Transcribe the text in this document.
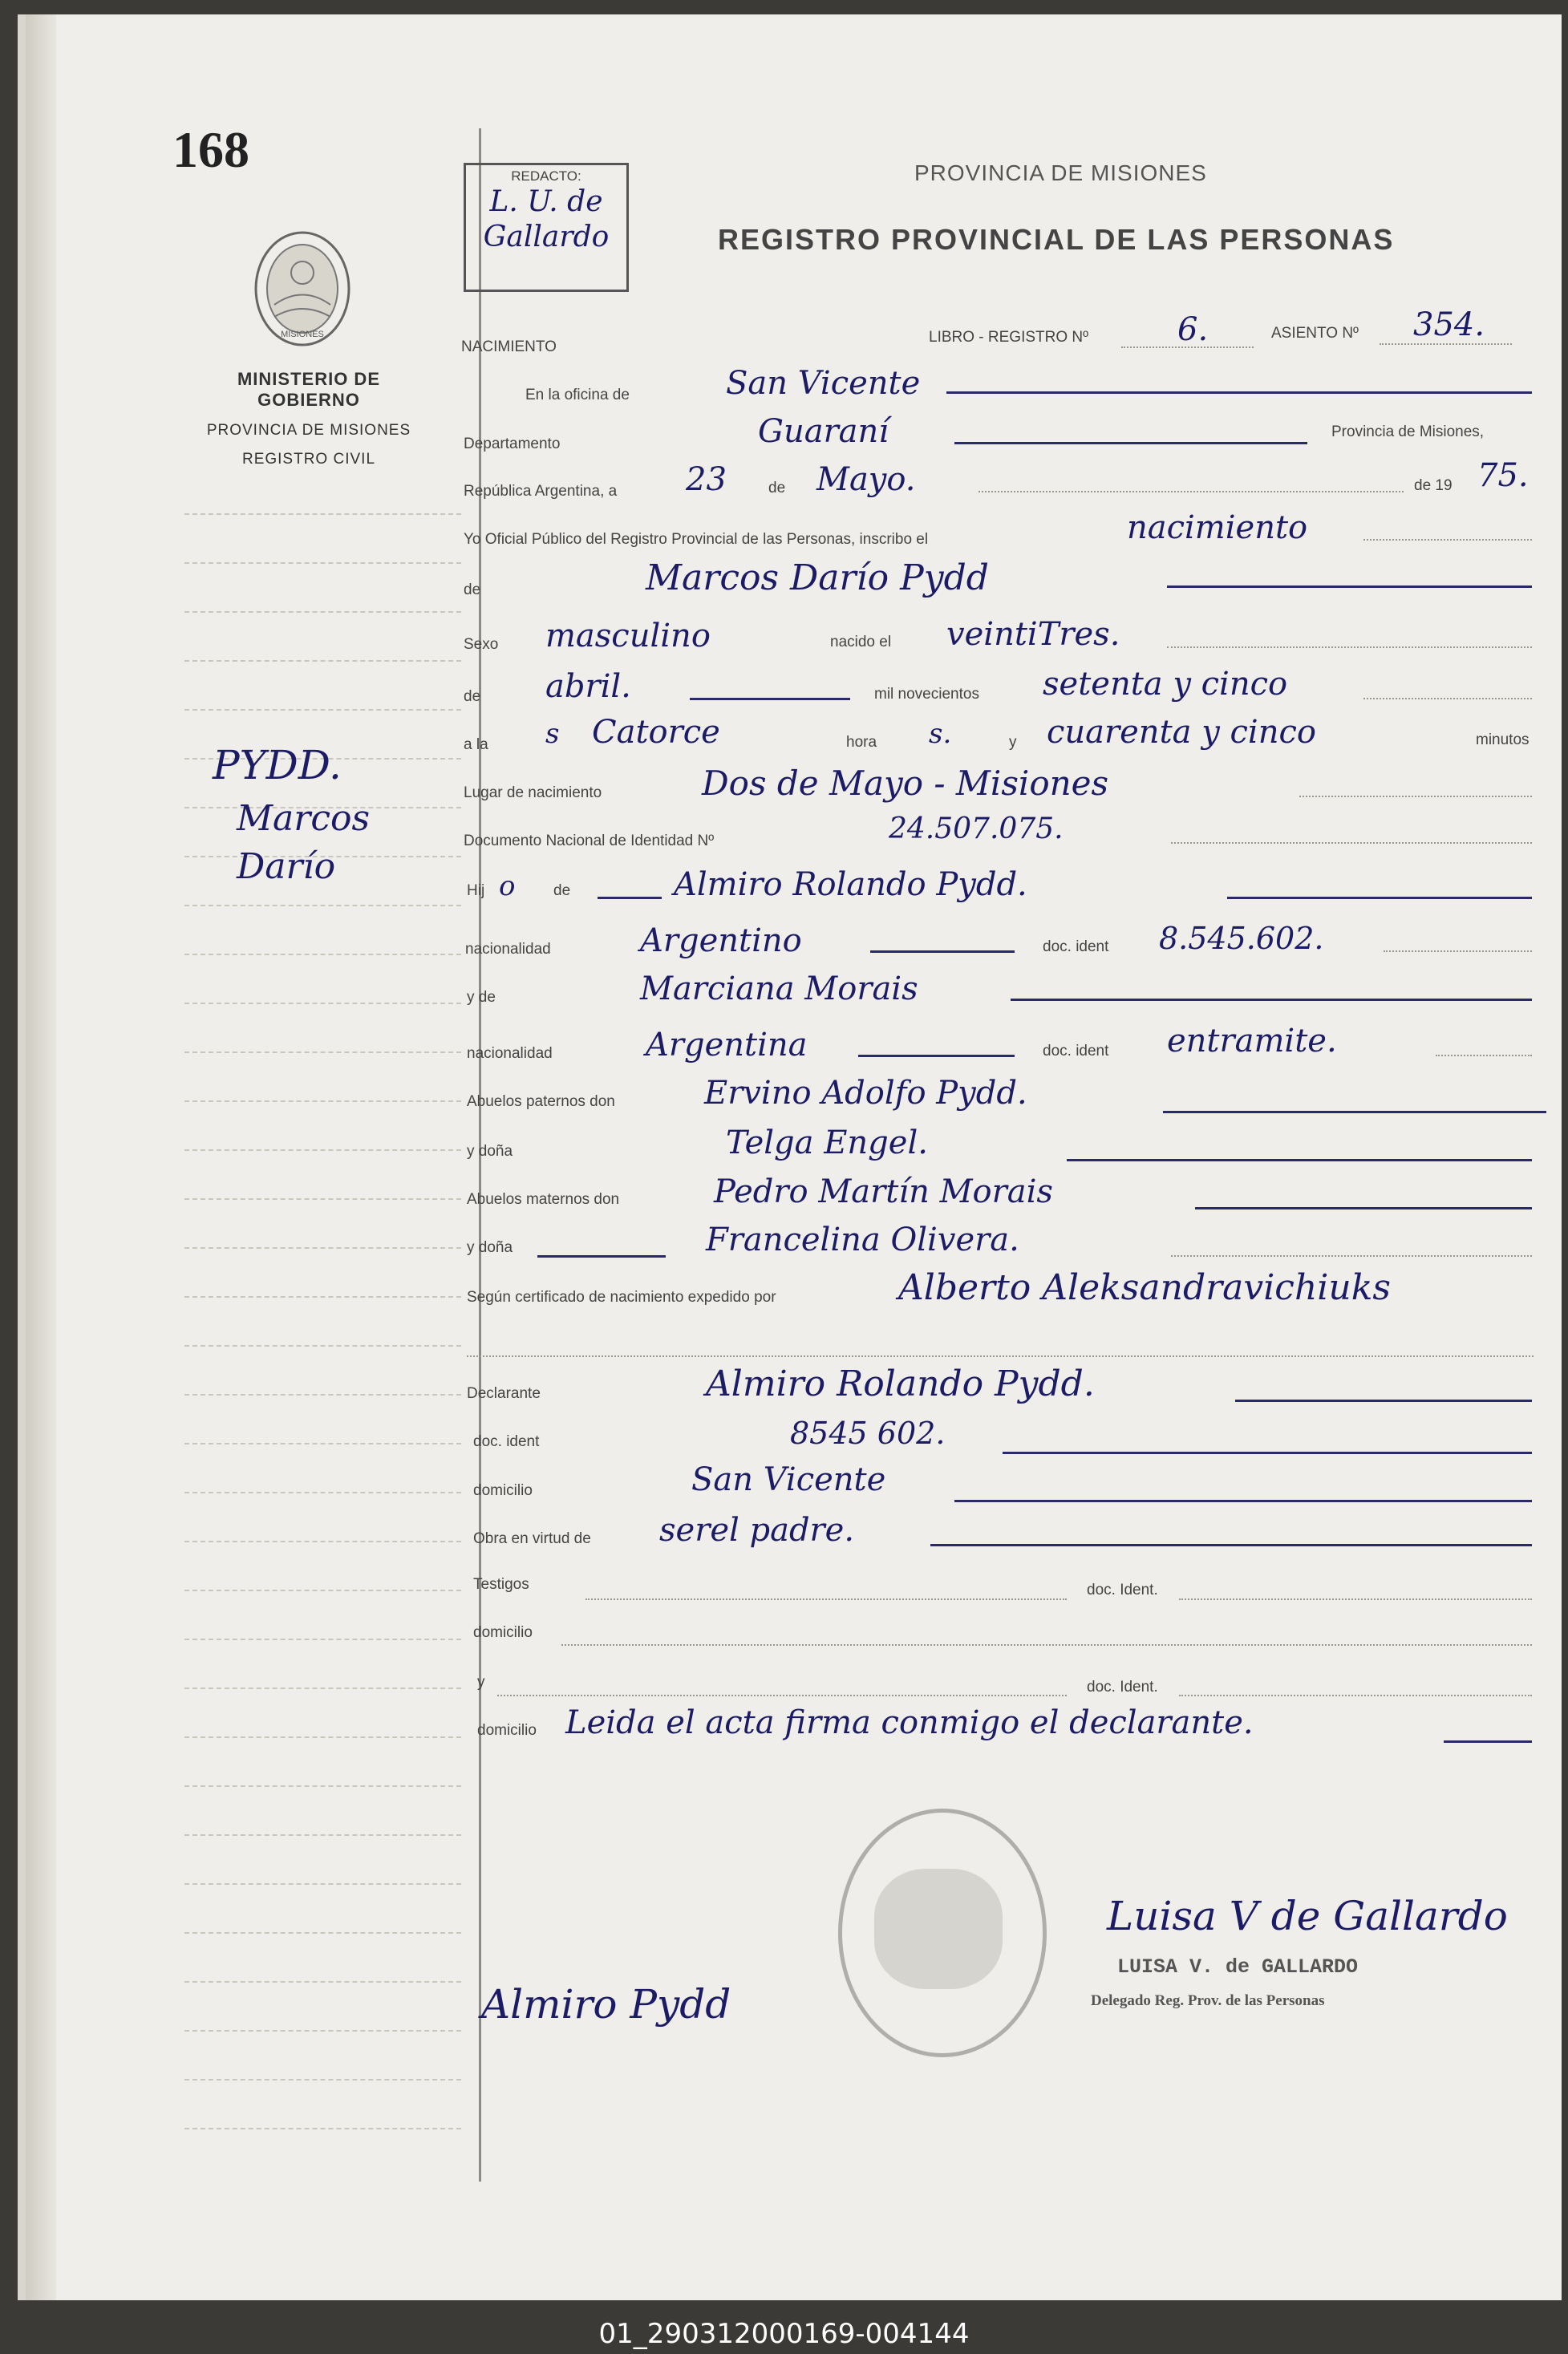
168
MISIONES
MINISTERIO DE GOBIERNO
PROVINCIA DE MISIONES
REGISTRO CIVIL
PYDD.
Marcos
Darío
REDACTO:
L. U. de
Gallardo
PROVINCIA DE MISIONES
REGISTRO PROVINCIAL DE LAS PERSONAS
NACIMIENTO
LIBRO - REGISTRO Nº	6.	ASIENTO Nº 354.
En la oficina de	San Vicente
Departamento	Guaraní	Provincia de Misiones,
República Argentina, a 23	de Mayo.	de 19 75.
Yo Oficial Público del Registro Provincial de las Personas, inscribo el	nacimiento
de	Marcos Darío Pydd
Sexo masculino	nacido el veintiTres.
de abril.	mil novecientos setenta y cinco
a la s Catorce	hora s.	y cuarenta y cinco	minutos
Lugar de nacimiento	Dos de Mayo - Misiones
Documento Nacional de Identidad Nº	24.507.075.
Hij o	de	Almiro Rolando Pydd.
nacionalidad	Argentino	doc. ident 8.545.602.
y de	Marciana Morais
nacionalidad	Argentina	doc. ident entramite.
Abuelos paternos don	Ervino Adolfo Pydd.
y doña	Telga Engel.
Abuelos maternos don	Pedro Martín Morais
y doña	Francelina Olivera.
Según certificado de nacimiento expedido por	Alberto Aleksandravichiuks
Declarante	Almiro Rolando Pydd.
doc. ident	8545 602.
domicilio	San Vicente
Obra en virtud de serel padre.
Testigos	doc. Ident.
domicilio
y	doc. Ident.
domicilio Leida el acta firma conmigo el declarante.
Almiro Pydd
Luisa V de Gallardo
LUISA V. de GALLARDO
Delegado Reg. Prov. de las Personas
01_290312000169-004144
